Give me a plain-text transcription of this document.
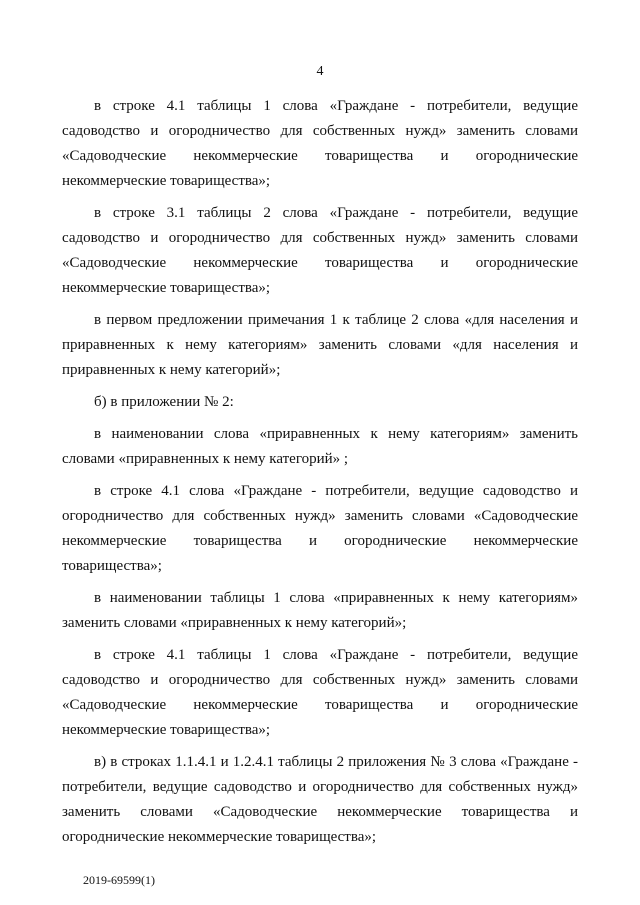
4

в строке 4.1 таблицы 1 слова «Граждане - потребители, ведущие садоводство и огородничество для собственных нужд» заменить словами «Садоводческие некоммерческие товарищества и огороднические некоммерческие товарищества»;

в строке 3.1 таблицы 2 слова «Граждане - потребители, ведущие садоводство и огородничество для собственных нужд» заменить словами «Садоводческие некоммерческие товарищества и огороднические некоммерческие товарищества»;

в первом предложении примечания 1 к таблице 2 слова «для населения и приравненных к нему категориям» заменить словами «для населения и приравненных к нему категорий»;

б) в приложении № 2:

в наименовании слова «приравненных к нему категориям» заменить словами «приравненных к нему категорий» ;

в строке 4.1 слова «Граждане - потребители, ведущие садоводство и огородничество для собственных нужд» заменить словами «Садоводческие некоммерческие товарищества и огороднические некоммерческие товарищества»;

в наименовании таблицы 1 слова «приравненных к нему категориям» заменить словами «приравненных к нему категорий»;

в строке 4.1 таблицы 1 слова «Граждане - потребители, ведущие садоводство и огородничество для собственных нужд» заменить словами «Садоводческие некоммерческие товарищества и огороднические некоммерческие товарищества»;

в) в строках 1.1.4.1 и 1.2.4.1 таблицы 2 приложения № 3 слова «Граждане - потребители, ведущие садоводство и огородничество для собственных нужд» заменить словами «Садоводческие некоммерческие товарищества и огороднические некоммерческие товарищества»;

2019-69599(1)
